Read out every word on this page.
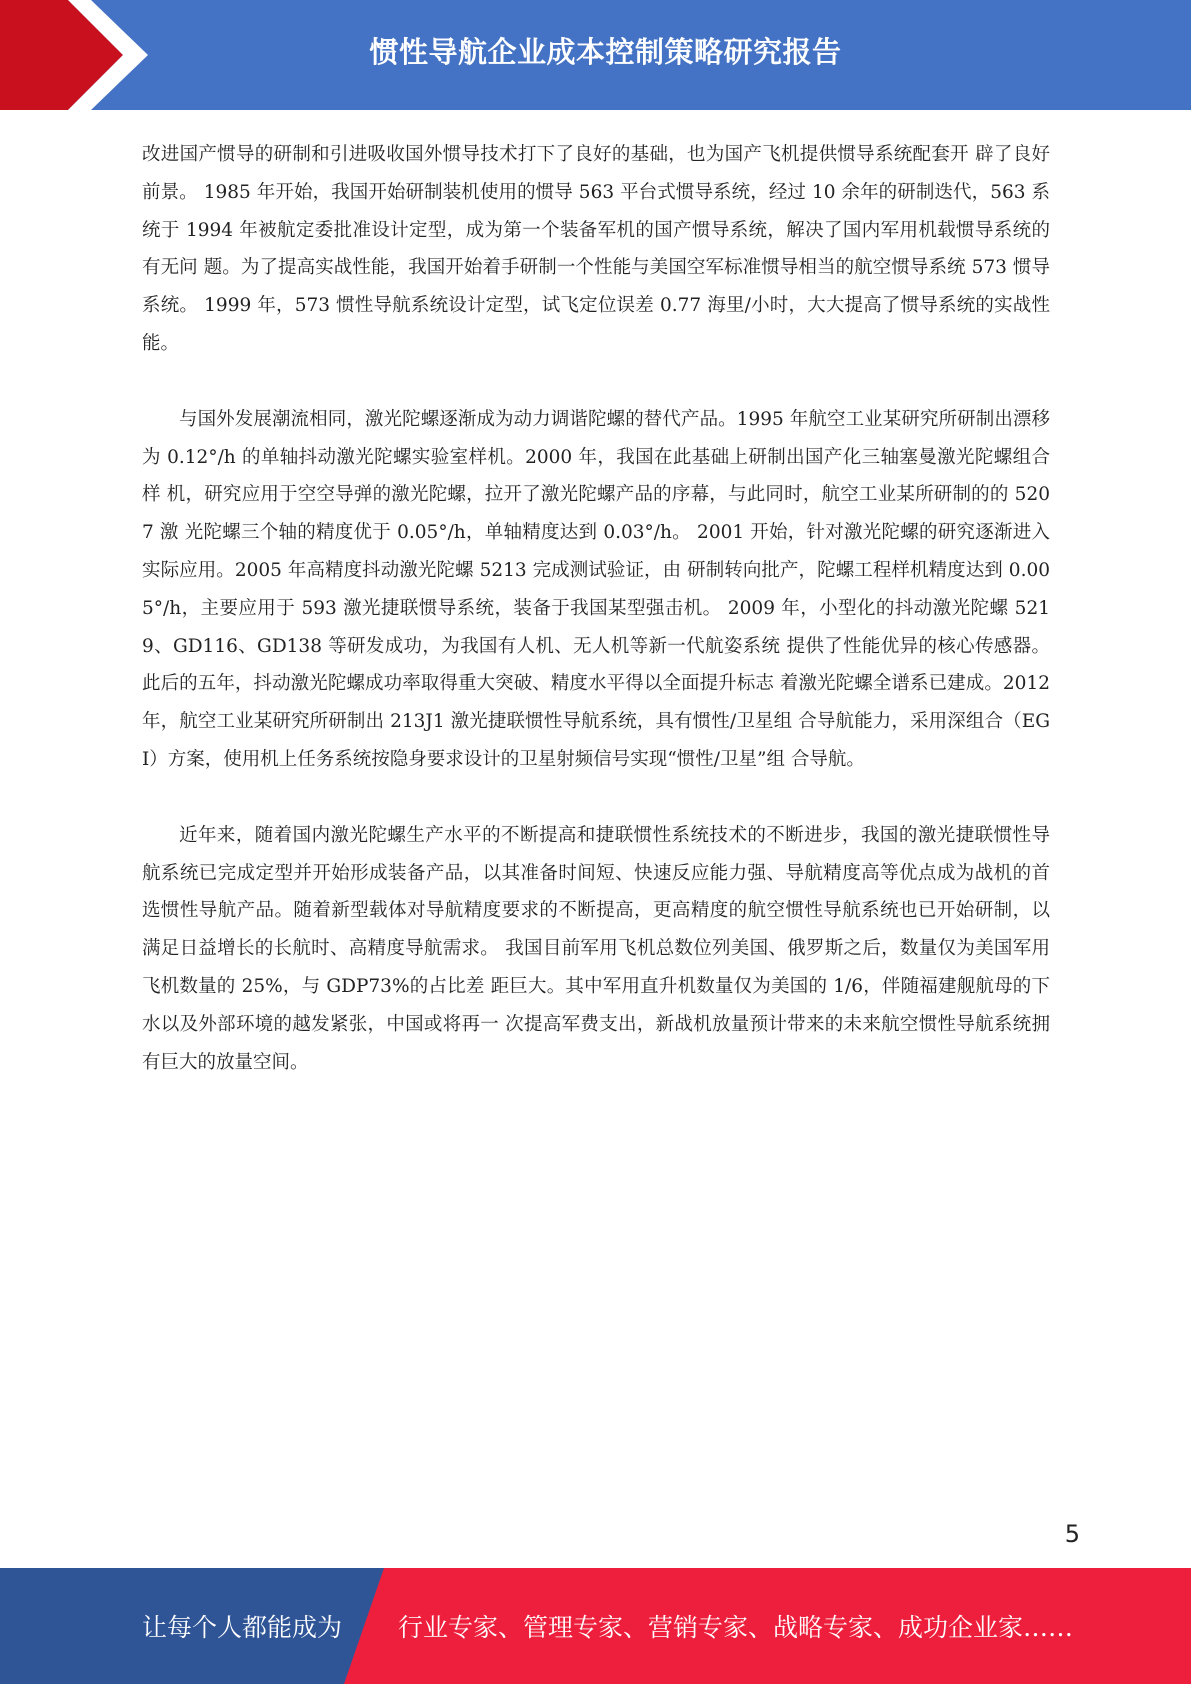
惯性导航企业成本控制策略研究报告

改进国产惯导的研制和引进吸收国外惯导技术打下了良好的基础，也为国产飞机提供惯导系统配套开 辟了良好前景。 1985 年开始，我国开始研制装机使用的惯导 563 平台式惯导系统，经过 10 余年的研制迭代，563 系统于 1994 年被航定委批准设计定型，成为第一个装备军机的国产惯导系统，解决了国内军用机载惯导系统的有无问 题。为了提高实战性能，我国开始着手研制一个性能与美国空军标准惯导相当的航空惯导系统 573 惯导系统。 1999 年，573 惯性导航系统设计定型，试飞定位误差 0.77 海里/小时，大大提高了惯导系统的实战性能。

与国外发展潮流相同，激光陀螺逐渐成为动力调谐陀螺的替代产品。1995 年航空工业某研究所研制出漂移 为 0.12°/h 的单轴抖动激光陀螺实验室样机。2000 年，我国在此基础上研制出国产化三轴塞曼激光陀螺组合样 机，研究应用于空空导弹的激光陀螺，拉开了激光陀螺产品的序幕，与此同时，航空工业某所研制的的 5207 激 光陀螺三个轴的精度优于 0.05°/h，单轴精度达到 0.03°/h。 2001 开始，针对激光陀螺的研究逐渐进入实际应用。2005 年高精度抖动激光陀螺 5213 完成测试验证，由 研制转向批产，陀螺工程样机精度达到 0.005°/h，主要应用于 593 激光捷联惯导系统，装备于我国某型强击机。 2009 年，小型化的抖动激光陀螺 5219、GD116、GD138 等研发成功，为我国有人机、无人机等新一代航姿系统 提供了性能优异的核心传感器。此后的五年，抖动激光陀螺成功率取得重大突破、精度水平得以全面提升标志 着激光陀螺全谱系已建成。2012 年，航空工业某研究所研制出 213J1 激光捷联惯性导航系统，具有惯性/卫星组 合导航能力，采用深组合（EGI）方案，使用机上任务系统按隐身要求设计的卫星射频信号实现“惯性/卫星”组 合导航。

近年来，随着国内激光陀螺生产水平的不断提高和捷联惯性系统技术的不断进步，我国的激光捷联惯性导 航系统已完成定型并开始形成装备产品，以其准备时间短、快速反应能力强、导航精度高等优点成为战机的首 选惯性导航产品。随着新型载体对导航精度要求的不断提高，更高精度的航空惯性导航系统也已开始研制，以 满足日益增长的长航时、高精度导航需求。 我国目前军用飞机总数位列美国、俄罗斯之后，数量仅为美国军用飞机数量的 25%，与 GDP73%的占比差 距巨大。其中军用直升机数量仅为美国的 1/6，伴随福建舰航母的下水以及外部环境的越发紧张，中国或将再一 次提高军费支出，新战机放量预计带来的未来航空惯性导航系统拥有巨大的放量空间。

5
让每个人都能成为 行业专家、管理专家、营销专家、战略专家、成功企业家……
